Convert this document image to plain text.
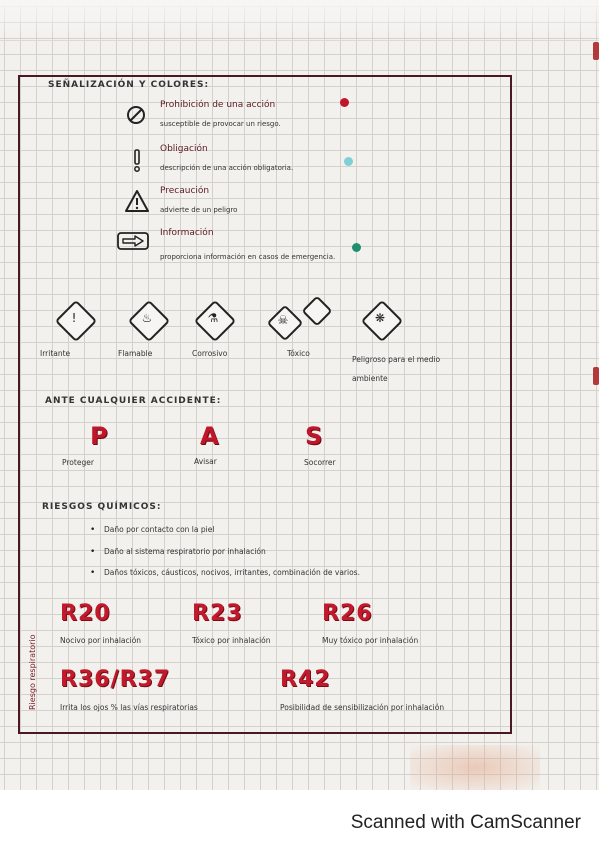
SEÑALIZACIÓN Y COLORES:
Prohibición de una acción
susceptible de provocar un riesgo.
Obligación
descripción de una acción obligatoria.
Precaución
advierte de un peligro
Información
proporciona información en casos de emergencia.
!
Irritante
♨
Flamable
⚗
Corrosivo
☠
Tóxico
❋
Peligroso para el medio ambiente
ANTE CUALQUIER ACCIDENTE:
P
Proteger
A
Avisar
S
Socorrer
RIESGOS QUÍMICOS:
• Daño por contacto con la piel
• Daño al sistema respiratorio por inhalación
• Daños tóxicos, cáusticos, nocivos, irritantes, combinación de varios.
Riesgo respiratorio
R20
Nocivo por inhalación
R23
Tóxico por inhalación
R26
Muy tóxico por inhalación
R36/R37
Irrita los ojos % las vías respiratorias
R42
Posibilidad de sensibilización por inhalación
Scanned with CamScanner
